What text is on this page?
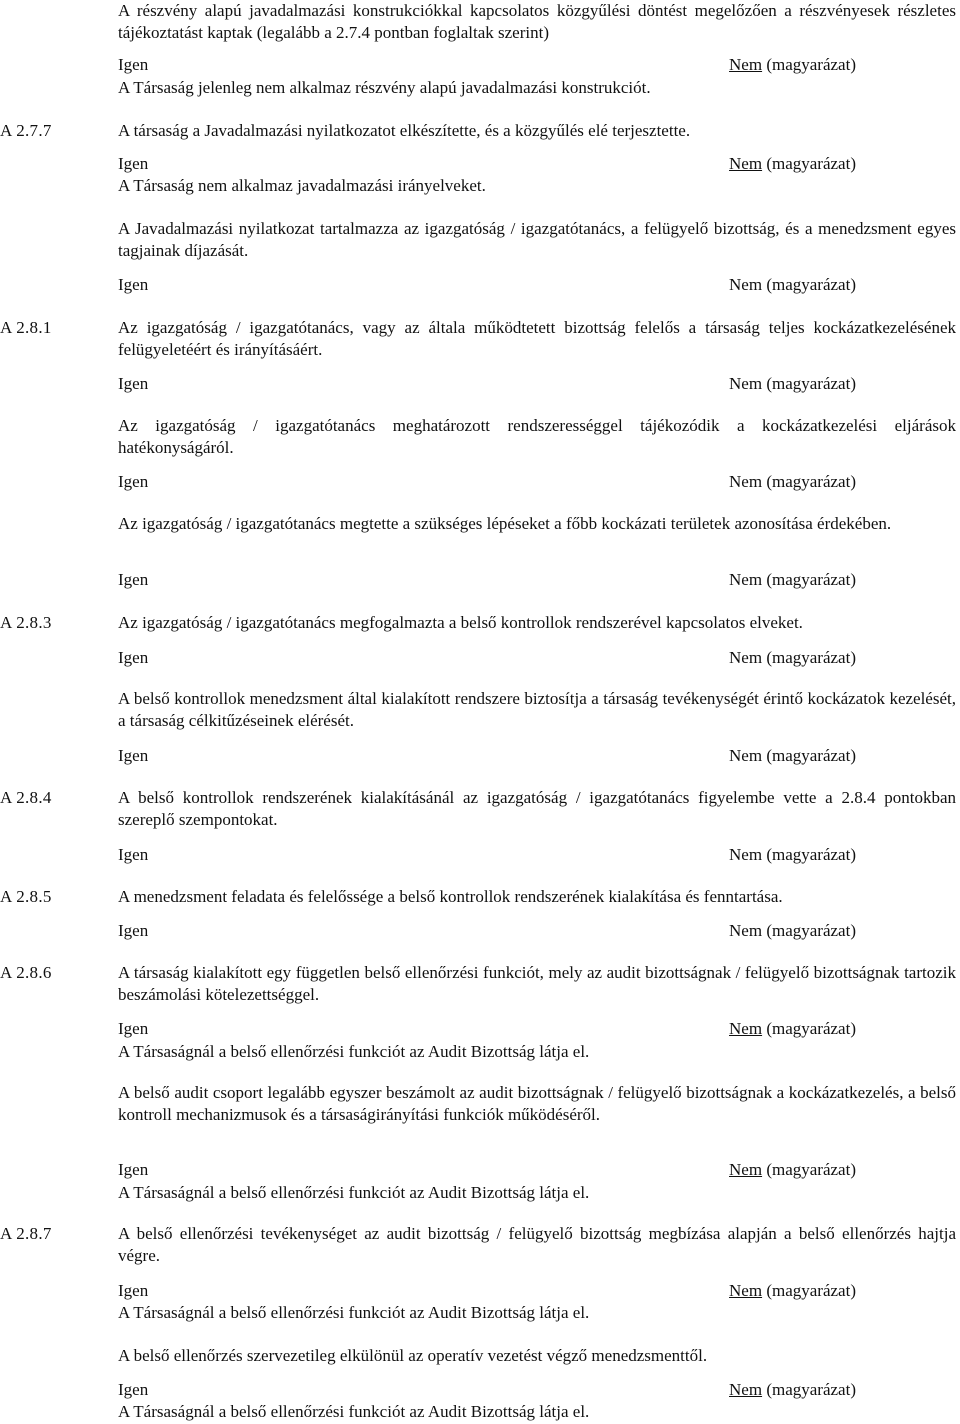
A részvény alapú javadalmazási konstrukciókkal kapcsolatos közgyűlési döntést megelőzően a részvényesek részletes tájékoztatást kaptak (legalább a 2.7.4 pontban foglaltak szerint)
Igen	Nem (magyarázat)
A Társaság jelenleg nem alkalmaz részvény alapú javadalmazási konstrukciót.
A 2.7.7	A társaság a Javadalmazási nyilatkozatot elkészítette, és a közgyűlés elé terjesztette.
Igen	Nem (magyarázat)
A Társaság nem alkalmaz javadalmazási irányelveket.
A Javadalmazási nyilatkozat tartalmazza az igazgatóság / igazgatótanács, a felügyelő bizottság, és a menedzsment egyes tagjainak díjazását.
Igen	Nem (magyarázat)
A 2.8.1	Az igazgatóság / igazgatótanács, vagy az általa működtetett bizottság felelős a társaság teljes kockázatkezelésének felügyeletéért és irányításáért.
Igen	Nem (magyarázat)
Az igazgatóság / igazgatótanács meghatározott rendszerességgel tájékozódik a kockázatkezelési eljárások hatékonyságáról.
Igen	Nem (magyarázat)
Az igazgatóság / igazgatótanács megtette a szükséges lépéseket a főbb kockázati területek azonosítása érdekében.
Igen	Nem (magyarázat)
A 2.8.3	Az igazgatóság / igazgatótanács megfogalmazta a belső kontrollok rendszerével kapcsolatos elveket.
Igen	Nem (magyarázat)
A belső kontrollok menedzsment által kialakított rendszere biztosítja a társaság tevékenységét érintő kockázatok kezelését, a társaság célkitűzéseinek elérését.
Igen	Nem (magyarázat)
A 2.8.4	A belső kontrollok rendszerének kialakításánál az igazgatóság / igazgatótanács figyelembe vette a 2.8.4 pontokban szereplő szempontokat.
Igen	Nem (magyarázat)
A 2.8.5	A menedzsment feladata és felelőssége a belső kontrollok rendszerének kialakítása és fenntartása.
Igen	Nem (magyarázat)
A 2.8.6	A társaság kialakított egy független belső ellenőrzési funkciót, mely az audit bizottságnak / felügyelő bizottságnak tartozik beszámolási kötelezettséggel.
Igen	Nem (magyarázat)
A Társaságnál a belső ellenőrzési funkciót az Audit Bizottság látja el.
A belső audit csoport legalább egyszer beszámolt az audit bizottságnak / felügyelő bizottságnak a kockázatkezelés, a belső kontroll mechanizmusok és a társaságirányítási funkciók működéséről.
Igen	Nem (magyarázat)
A Társaságnál a belső ellenőrzési funkciót az Audit Bizottság látja el.
A 2.8.7	A belső ellenőrzési tevékenységet az audit bizottság / felügyelő bizottság megbízása alapján a belső ellenőrzés hajtja végre.
Igen	Nem (magyarázat)
A Társaságnál a belső ellenőrzési funkciót az Audit Bizottság látja el.
A belső ellenőrzés szervezetileg elkülönül az operatív vezetést végző menedzsmenttől.
Igen	Nem (magyarázat)
A Társaságnál a belső ellenőrzési funkciót az Audit Bizottság látja el.
